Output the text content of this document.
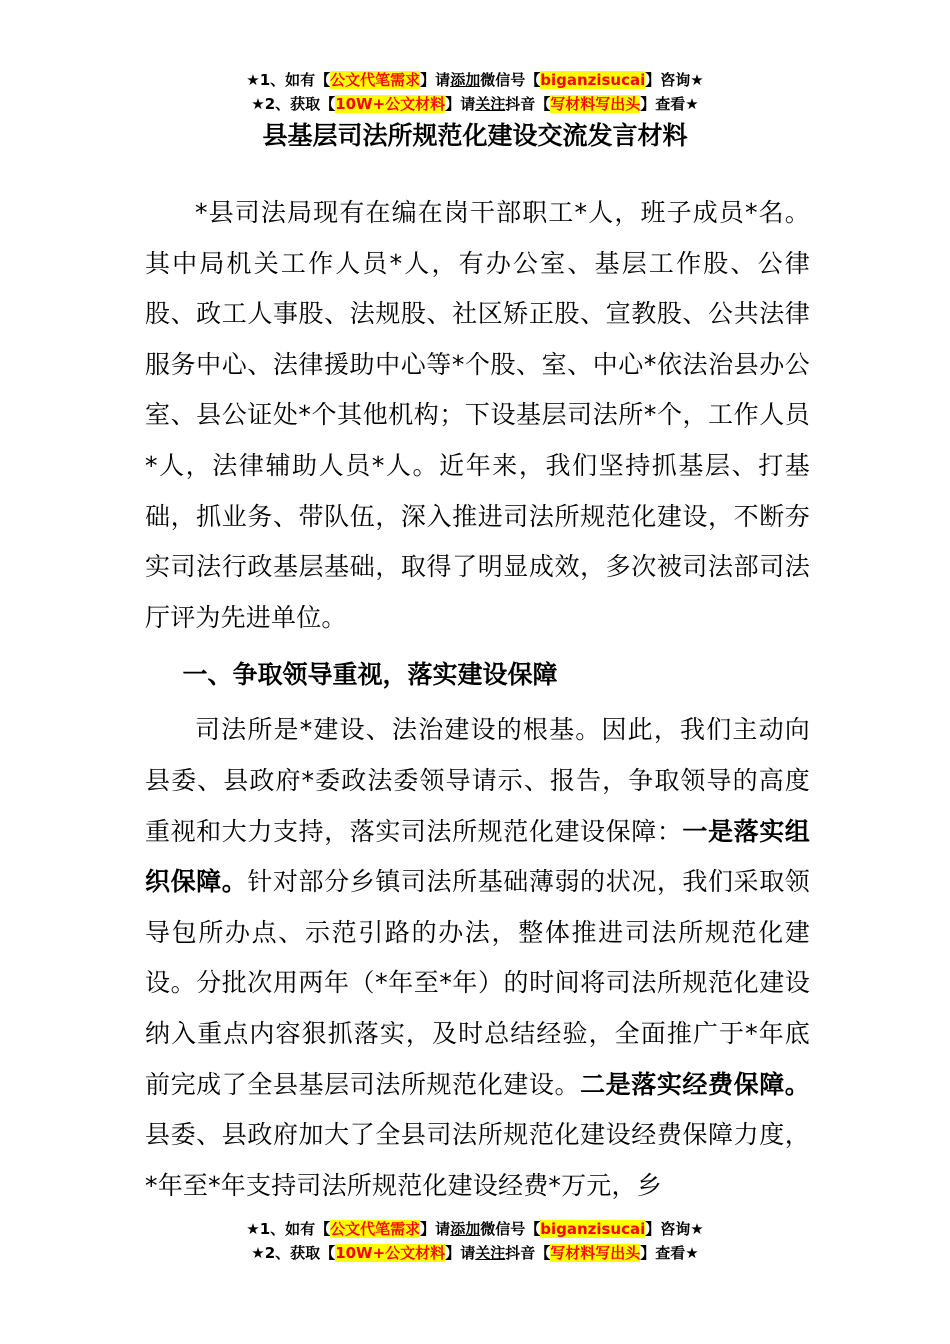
★1、如有【公文代笔需求】请添加微信号【biganzisucai】咨询★
★2、获取【10W+公文材料】请关注抖音【写材料写出头】查看★
县基层司法所规范化建设交流发言材料

*县司法局现有在编在岗干部职工*人，班子成员*名。其中局机关工作人员*人，有办公室、基层工作股、公律股、政工人事股、法规股、社区矫正股、宣教股、公共法律服务中心、法律援助中心等*个股、室、中心*依法治县办公室、县公证处*个其他机构；下设基层司法所*个，工作人员*人，法律辅助人员*人。近年来，我们坚持抓基层、打基础，抓业务、带队伍，深入推进司法所规范化建设，不断夯实司法行政基层基础，取得了明显成效，多次被司法部司法厅评为先进单位。

一、争取领导重视，落实建设保障

司法所是*建设、法治建设的根基。因此，我们主动向县委、县政府*委政法委领导请示、报告，争取领导的高度重视和大力支持，落实司法所规范化建设保障：一是落实组织保障。针对部分乡镇司法所基础薄弱的状况，我们采取领导包所办点、示范引路的办法，整体推进司法所规范化建设。分批次用两年（*年至*年）的时间将司法所规范化建设纳入重点内容狠抓落实，及时总结经验，全面推广于*年底前完成了全县基层司法所规范化建设。二是落实经费保障。县委、县政府加大了全县司法所规范化建设经费保障力度，*年至*年支持司法所规范化建设经费*万元，乡

★1、如有【公文代笔需求】请添加微信号【biganzisucai】咨询★
★2、获取【10W+公文材料】请关注抖音【写材料写出头】查看★
